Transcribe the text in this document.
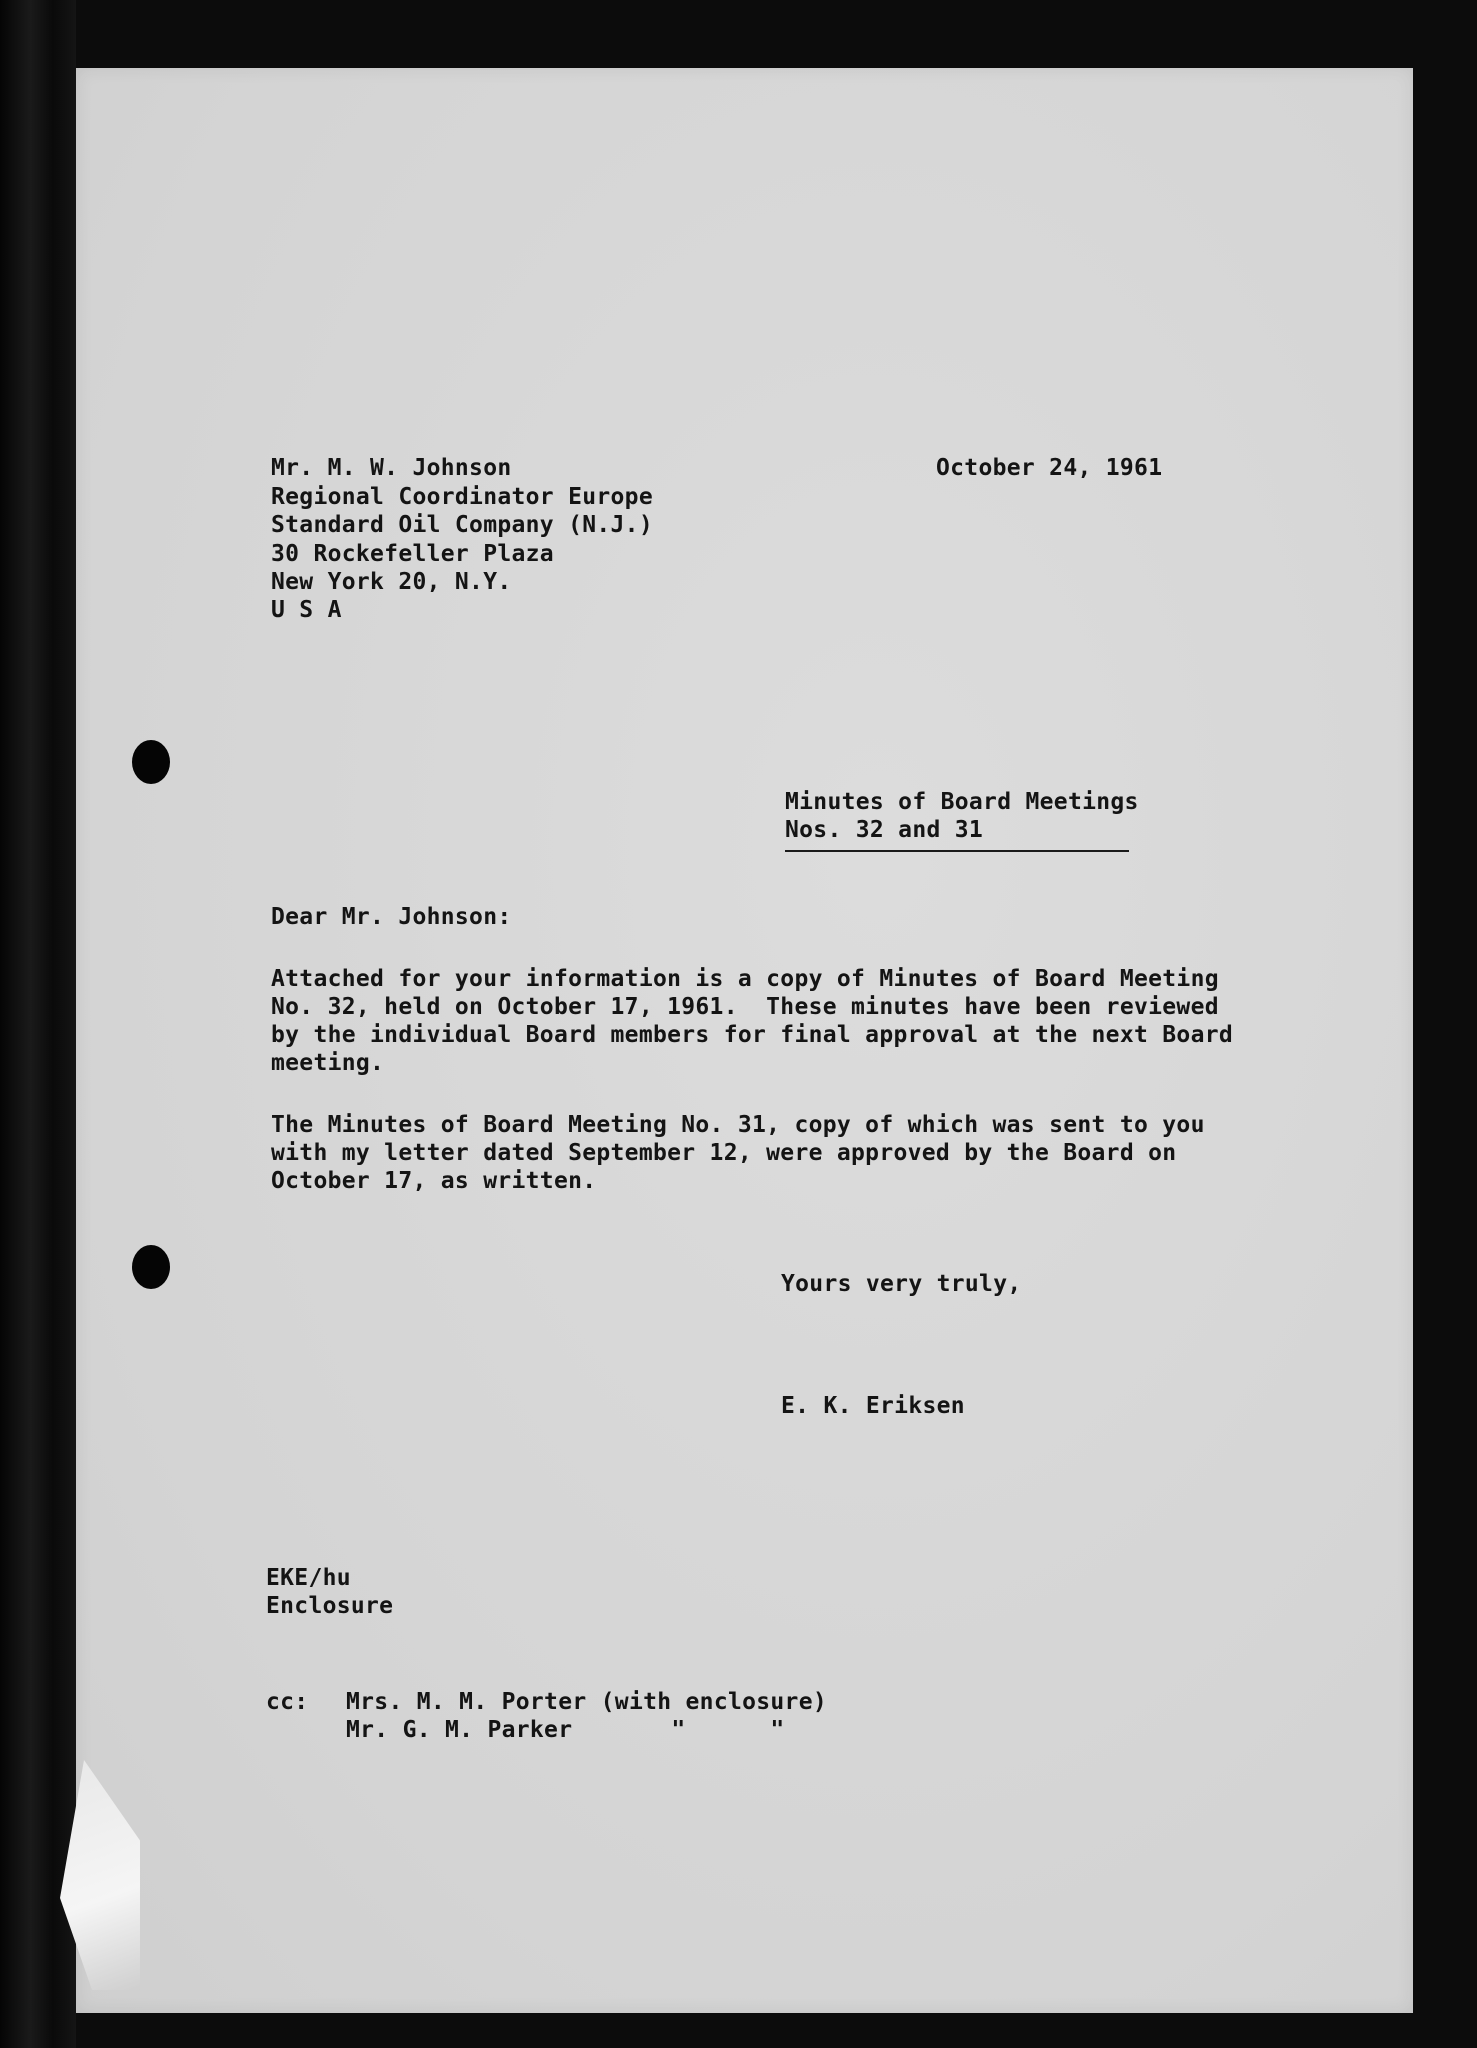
Mr. M. W. Johnson

Regional Coordinator Europe

Standard Oil Company (N.J.)

30 Rockefeller Plaza

New York 20, N.Y.

U S A

October 24, 1961

Minutes of Board Meetings

Nos. 32 and 31

Dear Mr. Johnson:

Attached for your information is a copy of Minutes of Board Meeting

No. 32, held on October 17, 1961.  These minutes have been reviewed

by the individual Board members for final approval at the next Board

meeting.

The Minutes of Board Meeting No. 31, copy of which was sent to you

with my letter dated September 12, were approved by the Board on

October 17, as written.

Yours very truly,

E. K. Eriksen

EKE/hu

Enclosure

cc: Mrs. M. M. Porter (with enclosure)

Mr. G. M. Parker       "      "
